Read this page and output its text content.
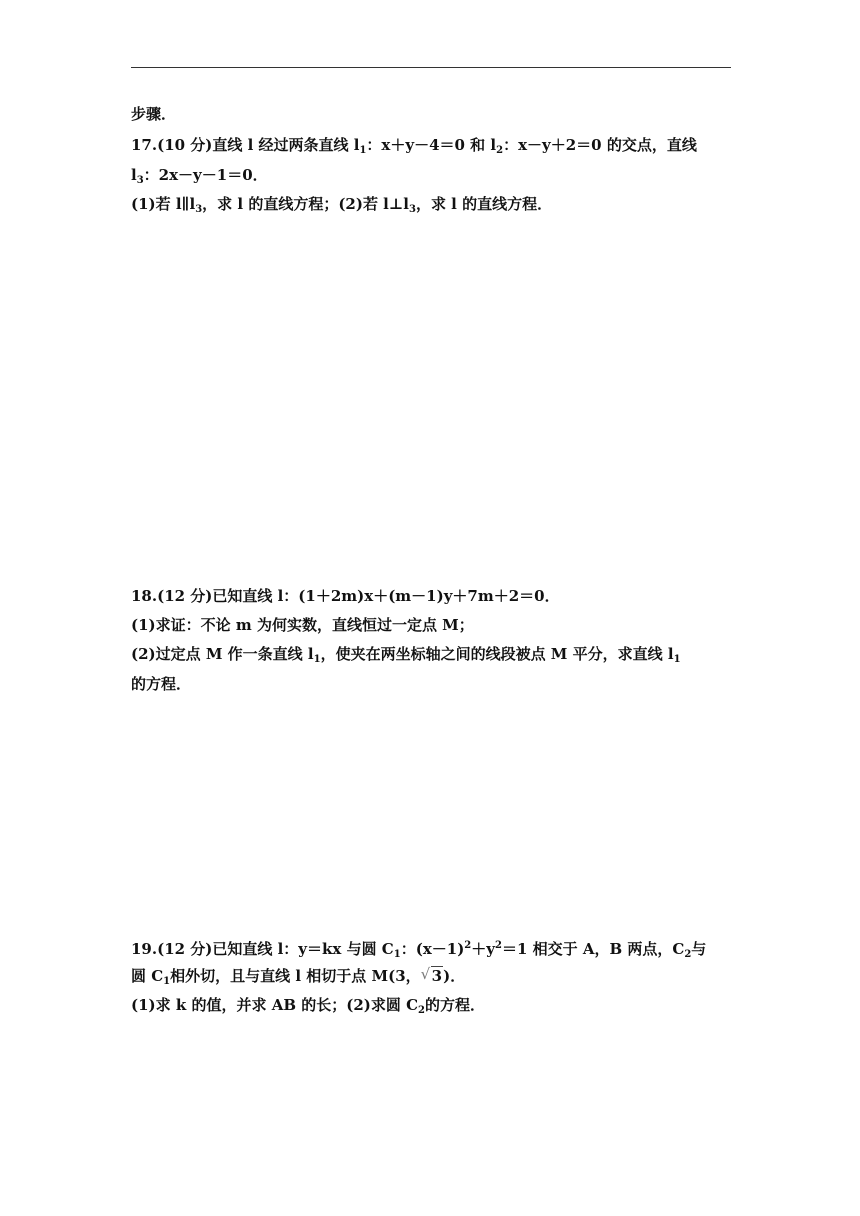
步骤．
17.(10 分)直线 l 经过两条直线 $l_1$：x＋y－4＝0 和 $l_2$：x－y＋2＝0 的交点，直线
$l_3$：2x－y－1＝0．
(1)若 $l\parallel l_3$，求 l 的直线方程；(2)若 $l\perp l_3$，求 l 的直线方程．
18.(12 分)已知直线 l：(1＋2m)x＋(m－1)y＋7m＋2＝0．
(1)求证：不论 m 为何实数，直线恒过一定点 M；
(2)过定点 M 作一条直线 $l_1$，使夹在两坐标轴之间的线段被点 M 平分，求直线 $l_1$
的方程．
19.(12 分)已知直线 l：y＝kx 与圆 $C_1$：$(x-1)^2+y^2=1$ 相交于 A，B 两点，$C_2$与
圆 $C_1$相外切，且与直线 l 相切于点 M(3， √ 3)．
(1)求 k 的值，并求 AB 的长；(2)求圆 $C_2$的方程．
